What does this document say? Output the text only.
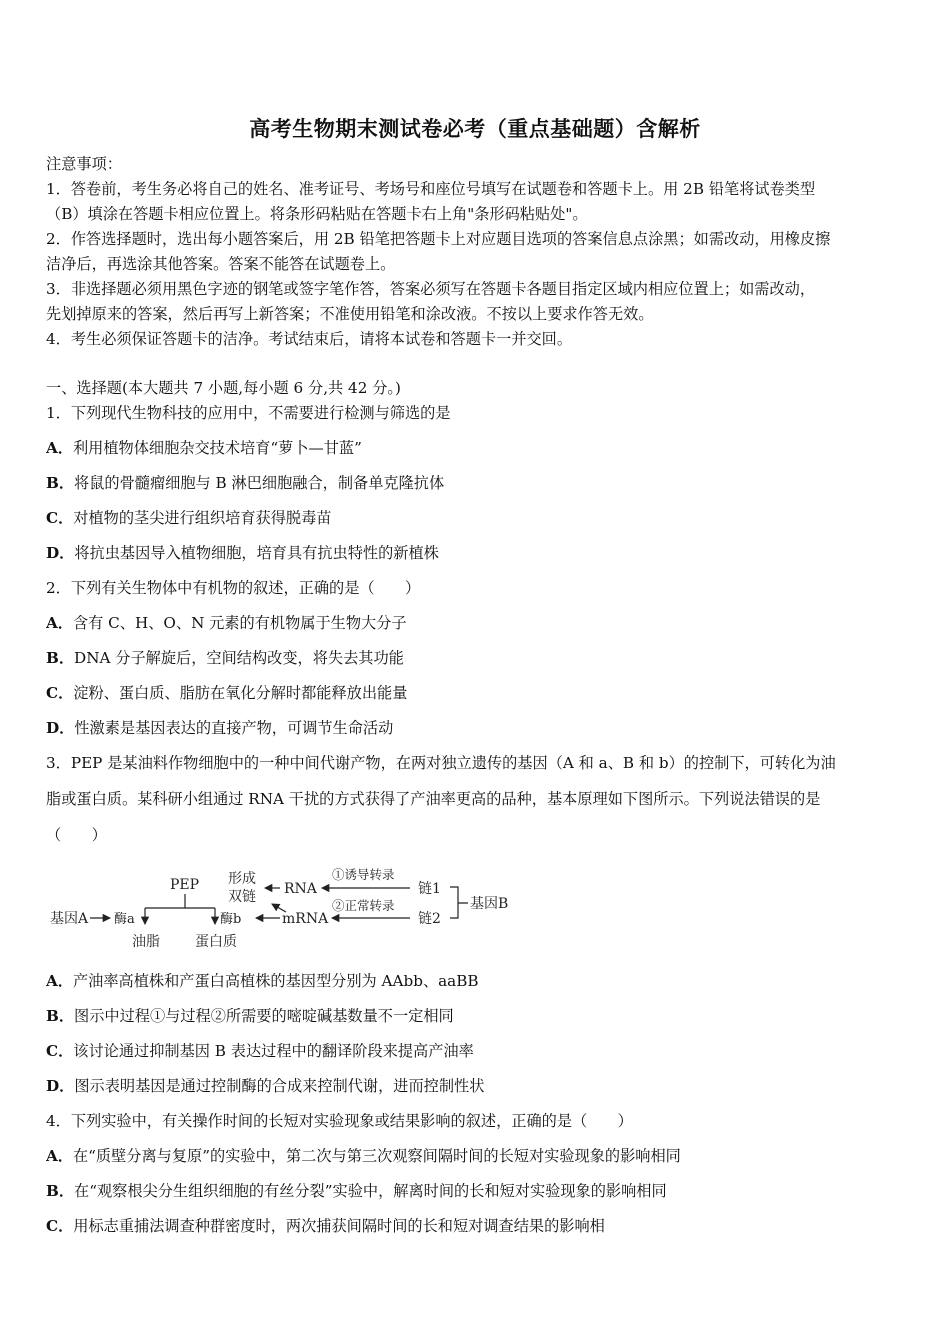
高考生物期末测试卷必考（重点基础题）含解析
注意事项：
1．答卷前，考生务必将自己的姓名、准考证号、考场号和座位号填写在试题卷和答题卡上。用 2B 铅笔将试卷类型
（B）填涂在答题卡相应位置上。将条形码粘贴在答题卡右上角"条形码粘贴处"。
2．作答选择题时，选出每小题答案后，用 2B 铅笔把答题卡上对应题目选项的答案信息点涂黑；如需改动，用橡皮擦
洁净后，再选涂其他答案。答案不能答在试题卷上。
3．非选择题必须用黑色字迹的钢笔或签字笔作答，答案必须写在答题卡各题目指定区域内相应位置上；如需改动，
先划掉原来的答案，然后再写上新答案；不准使用铅笔和涂改液。不按以上要求作答无效。
4．考生必须保证答题卡的洁净。考试结束后，请将本试卷和答题卡一并交回。
一、选择题(本大题共 7 小题,每小题 6 分,共 42 分。)
1．下列现代生物科技的应用中，不需要进行检测与筛选的是
A．利用植物体细胞杂交技术培育“萝卜—甘蓝”
B．将鼠的骨髓瘤细胞与 B 淋巴细胞融合，制备单克隆抗体
C．对植物的茎尖进行组织培育获得脱毒苗
D．将抗虫基因导入植物细胞，培育具有抗虫特性的新植株
2．下列有关生物体中有机物的叙述，正确的是（　　）
A．含有 C、H、O、N 元素的有机物属于生物大分子
B．DNA 分子解旋后，空间结构改变，将失去其功能
C．淀粉、蛋白质、脂肪在氧化分解时都能释放出能量
D．性激素是基因表达的直接产物，可调节生命活动
3．PEP 是某油料作物细胞中的一种中间代谢产物，在两对独立遗传的基因（A 和 a、B 和 b）的控制下，可转化为油
脂或蛋白质。某科研小组通过 RNA 干扰的方式获得了产油率更高的品种，基本原理如下图所示。下列说法错误的是
（　　）
PEP
基因A 酶a	酶b
油脂	蛋白质
形成
双链 RNA
mRNA
①诱导转录
②正常转录
链1
链2
基因B
A．产油率高植株和产蛋白高植株的基因型分别为 AAbb、aaBB
B．图示中过程①与过程②所需要的嘧啶碱基数量不一定相同
C．该讨论通过抑制基因 B 表达过程中的翻译阶段来提高产油率
D．图示表明基因是通过控制酶的合成来控制代谢，进而控制性状
4．下列实验中，有关操作时间的长短对实验现象或结果影响的叙述，正确的是（　　）
A．在“质壁分离与复原”的实验中，第二次与第三次观察间隔时间的长短对实验现象的影响相同
B．在“观察根尖分生组织细胞的有丝分裂”实验中，解离时间的长和短对实验现象的影响相同
C．用标志重捕法调查种群密度时，两次捕获间隔时间的长和短对调查结果的影响相
